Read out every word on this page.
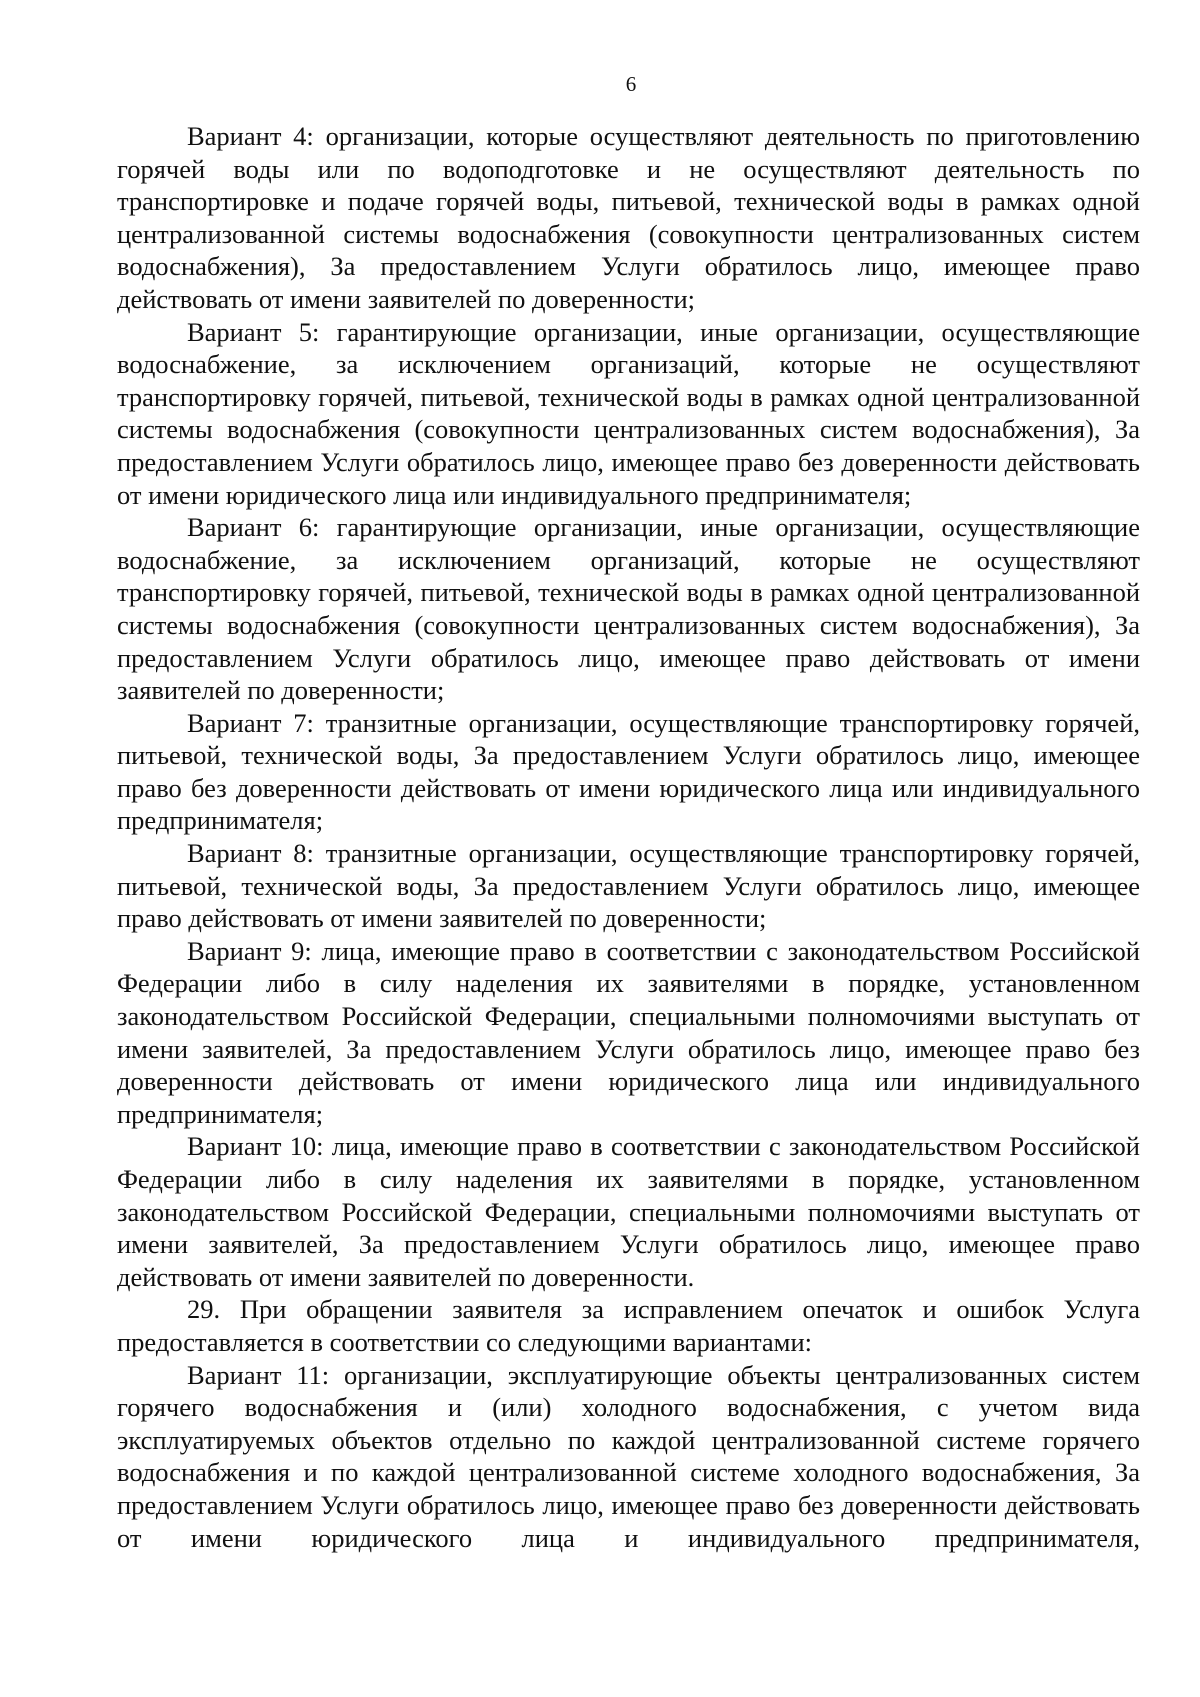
6

Вариант 4: организации, которые осуществляют деятельность по приготовлению горячей воды или по водоподготовке и не осуществляют деятельность по транспортировке и подаче горячей воды, питьевой, технической воды в рамках одной централизованной системы водоснабжения (совокупности централизованных систем водоснабжения), За предоставлением Услуги обратилось лицо, имеющее право действовать от имени заявителей по доверенности;

Вариант 5: гарантирующие организации, иные организации, осуществляющие водоснабжение, за исключением организаций, которые не осуществляют транспортировку горячей, питьевой, технической воды в рамках одной централизованной системы водоснабжения (совокупности централизованных систем водоснабжения), За предоставлением Услуги обратилось лицо, имеющее право без доверенности действовать от имени юридического лица или индивидуального предпринимателя;

Вариант 6: гарантирующие организации, иные организации, осуществляющие водоснабжение, за исключением организаций, которые не осуществляют транспортировку горячей, питьевой, технической воды в рамках одной централизованной системы водоснабжения (совокупности централизованных систем водоснабжения), За предоставлением Услуги обратилось лицо, имеющее право действовать от имени заявителей по доверенности;

Вариант 7: транзитные организации, осуществляющие транспортировку горячей, питьевой, технической воды, За предоставлением Услуги обратилось лицо, имеющее право без доверенности действовать от имени юридического лица или индивидуального предпринимателя;

Вариант 8: транзитные организации, осуществляющие транспортировку горячей, питьевой, технической воды, За предоставлением Услуги обратилось лицо, имеющее право действовать от имени заявителей по доверенности;

Вариант 9: лица, имеющие право в соответствии с законодательством Российской Федерации либо в силу наделения их заявителями в порядке, установленном законодательством Российской Федерации, специальными полномочиями выступать от имени заявителей, За предоставлением Услуги обратилось лицо, имеющее право без доверенности действовать от имени юридического лица или индивидуального предпринимателя;

Вариант 10: лица, имеющие право в соответствии с законодательством Российской Федерации либо в силу наделения их заявителями в порядке, установленном законодательством Российской Федерации, специальными полномочиями выступать от имени заявителей, За предоставлением Услуги обратилось лицо, имеющее право действовать от имени заявителей по доверенности.

29. При обращении заявителя за исправлением опечаток и ошибок Услуга предоставляется в соответствии со следующими вариантами:

Вариант 11: организации, эксплуатирующие объекты централизованных систем горячего водоснабжения и (или) холодного водоснабжения, с учетом вида эксплуатируемых объектов отдельно по каждой централизованной системе горячего водоснабжения и по каждой централизованной системе холодного водоснабжения, За предоставлением Услуги обратилось лицо, имеющее право без доверенности действовать от имени юридического лица и индивидуального предпринимателя,
